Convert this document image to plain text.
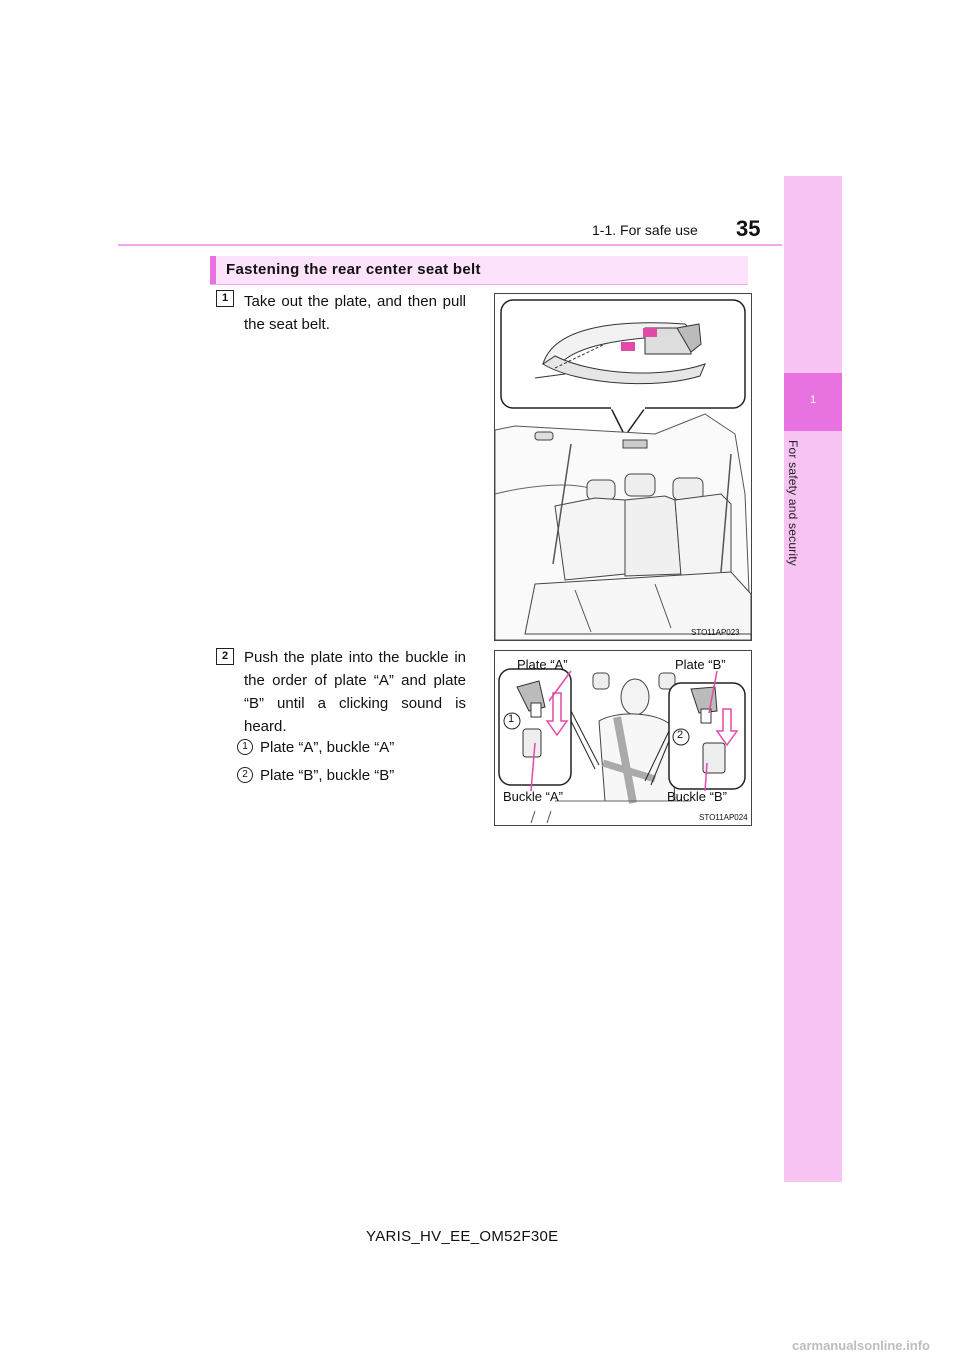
1-1. For safe use 35
1
For safety and security
Fastening the rear center seat belt
1	Take out the plate, and then pull the seat belt.
STO11AP023
2	Push the plate into the buckle in the order of plate “A” and plate “B” until a clicking sound is heard.
1 Plate “A”, buckle “A”
2 Plate “B”, buckle “B”
Plate “A”	Plate “B”
Buckle “A”	Buckle “B”
1
2
STO11AP024
YARIS_HV_EE_OM52F30E
carmanualsonline.info
